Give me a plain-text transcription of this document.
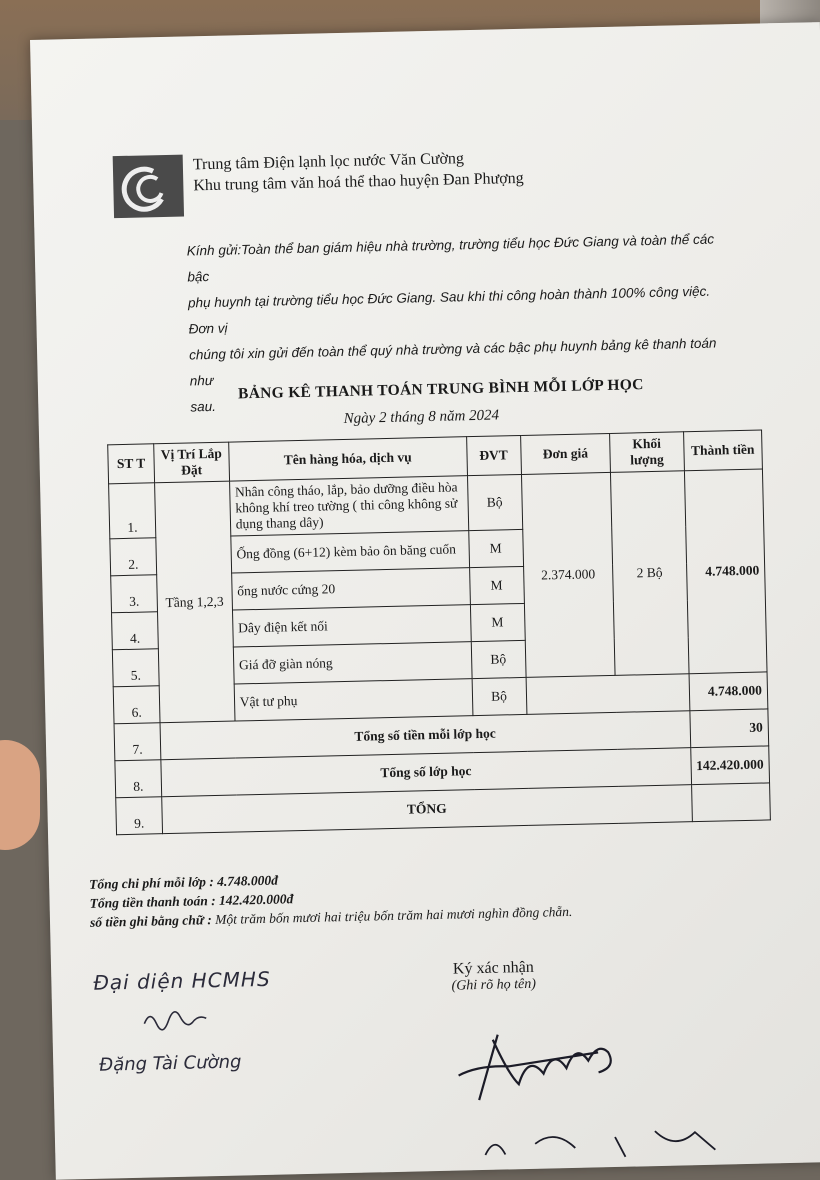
Trung tâm Điện lạnh lọc nước Văn Cường
Khu trung tâm văn hoá thể thao huyện Đan Phượng
Kính gửi:Toàn thể ban giám hiệu nhà trường, trường tiểu học Đức Giang và toàn thể các bậc
phụ huynh tại trường tiểu học Đức Giang. Sau khi thi công hoàn thành 100% công việc. Đơn vị
chúng tôi xin gửi đến toàn thể quý nhà trường và các bậc phụ huynh bảng kê thanh toán như
sau.
BẢNG KÊ THANH TOÁN TRUNG BÌNH MỖI LỚP HỌC
Ngày 2 tháng 8 năm 2024
ST T	Vị Trí Lắp Đặt	Tên hàng hóa, dịch vụ	ĐVT	Đơn giá	Khối lượng	Thành tiền
1.	Tầng 1,2,3	Nhân công tháo, lắp, bảo dưỡng điều hòa không khí treo tường ( thi công không sử dụng thang dây)	Bộ	2.374.000	2 Bộ	4.748.000
2.		Ống đồng (6+12) kèm bảo ôn băng cuốn	M			
3.		ống nước cứng 20	M			
4.		Dây điện kết nối	M			
5.		Giá đỡ giàn nóng	Bộ			
6.		Vật tư phụ	Bộ			4.748.000
7.	Tổng số tiền mỗi lớp học					30
8.	Tổng số lớp học					142.420.000
9.	TỔNG					
Tổng chi phí mỗi lớp : 4.748.000đ
Tổng tiền thanh toán : 142.420.000đ
số tiền ghi bằng chữ : Một trăm bốn mươi hai triệu bốn trăm hai mươi nghìn đồng chẵn.
Đại diện HCMHS
Đặng Tài Cường
Ký xác nhận
(Ghi rõ họ tên)
